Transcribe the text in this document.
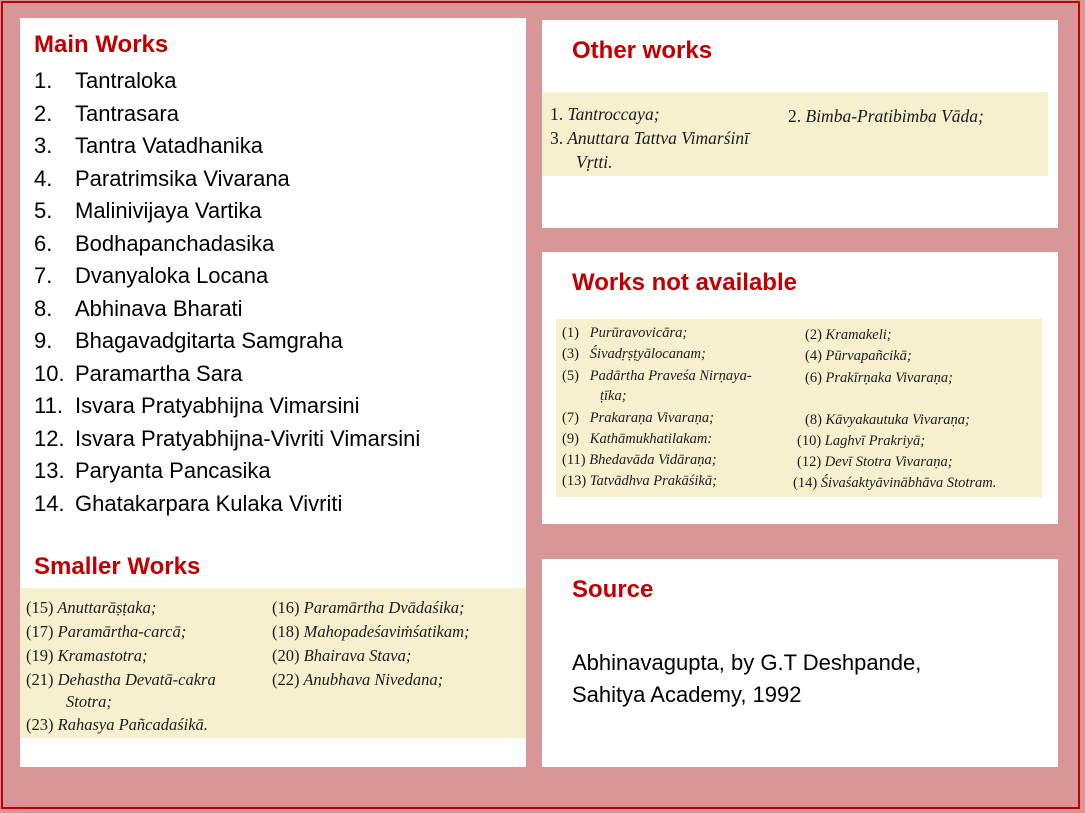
Main Works
1. Tantraloka
2. Tantrasara
3. Tantra Vatadhanika
4. Paratrimsika Vivarana
5. Malinivijaya Vartika
6. Bodhapanchadasika
7. Dvanyaloka Locana
8. Abhinava Bharati
9. Bhagavadgitarta Samgraha
10. Paramartha Sara
11. Isvara Pratyabhijna Vimarsini
12. Isvara Pratyabhijna-Vivriti Vimarsini
13. Paryanta Pancasika
14. Ghatakarpara Kulaka Vivriti
Smaller Works
(15) Anuttarāṣṭaka;	(16) Paramārtha Dvādaśika;
(17) Paramārtha-carcā;	(18) Mahopadeśaviṁśatikam;
(19) Kramastotra;	(20) Bhairava Stava;
(21) Dehastha Devatā-cakra	(22) Anubhava Nivedana;
Stotra;
(23) Rahasya Pañcadaśikā.
Other works
1. Tantroccaya;	2. Bimba-Pratibimba Vāda;
3. Anuttara Tattva Vimarśinī
Vṛtti.
Works not available
(1) Purūravovicāra;	(2) Kramakeli;
(3) Śivadṛṣṭyālocanam;	(4) Pūrvapañcikā;
(5) Padārtha Praveśa Nirṇaya-	(6) Prakīrṇaka Vivaraṇa;
ṭīka;
(7) Prakaraṇa Vivaraṇa;	(8) Kāvyakautuka Vivaraṇa;
(9) Kathāmukhatilakam:	(10) Laghvī Prakriyā;
(11) Bhedavāda Vidāraṇa;	(12) Devī Stotra Vivaraṇa;
(13) Tatvādhva Prakāśikā;	(14) Śivaśaktyāvinābhāva Stotram.
Source
Abhinavagupta, by G.T Deshpande,
Sahitya Academy, 1992
